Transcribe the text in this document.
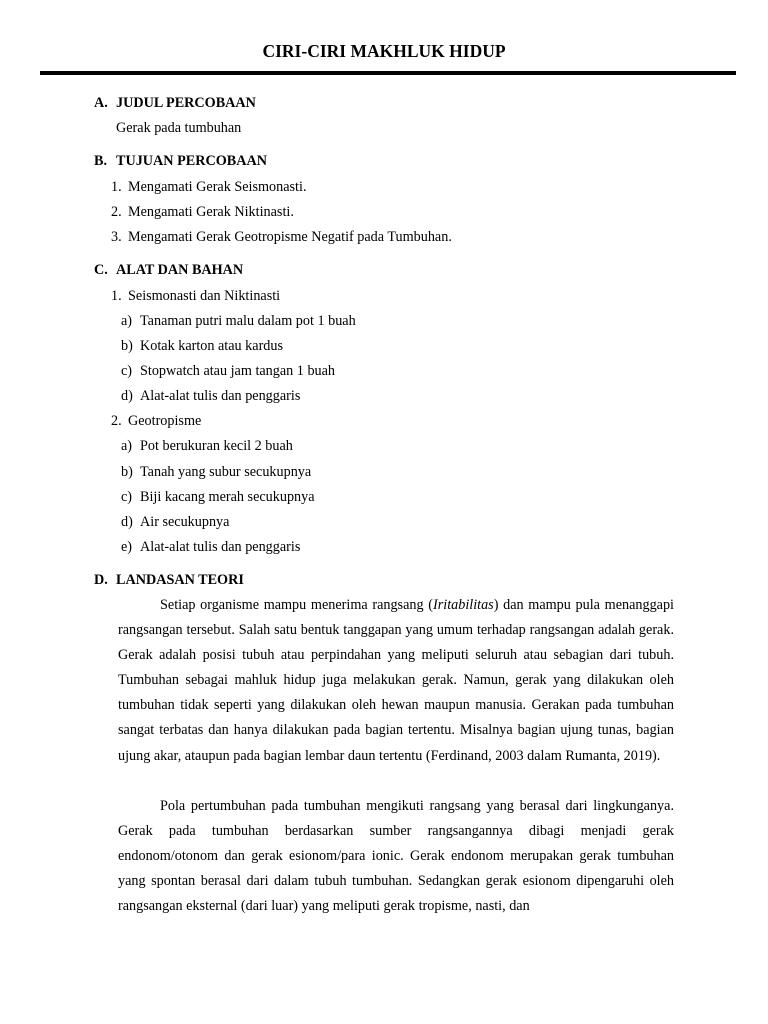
CIRI-CIRI MAKHLUK HIDUP
A. JUDUL PERCOBAAN
Gerak pada tumbuhan
B. TUJUAN PERCOBAAN
1. Mengamati Gerak Seismonasti.
2. Mengamati Gerak Niktinasti.
3. Mengamati Gerak Geotropisme Negatif pada Tumbuhan.
C. ALAT DAN BAHAN
1. Seismonasti dan Niktinasti
a) Tanaman putri malu dalam pot 1 buah
b) Kotak karton atau kardus
c) Stopwatch atau jam tangan 1 buah
d) Alat-alat tulis dan penggaris
2. Geotropisme
a) Pot berukuran kecil 2 buah
b) Tanah yang subur secukupnya
c) Biji kacang merah secukupnya
d) Air secukupnya
e) Alat-alat tulis dan penggaris
D. LANDASAN TEORI

Setiap organisme mampu menerima rangsang (Iritabilitas) dan mampu pula menanggapi rangsangan tersebut. Salah satu bentuk tanggapan yang umum terhadap rangsangan adalah gerak. Gerak adalah posisi tubuh atau perpindahan yang meliputi seluruh atau sebagian dari tubuh. Tumbuhan sebagai mahluk hidup juga melakukan gerak. Namun, gerak yang dilakukan oleh tumbuhan tidak seperti yang dilakukan oleh hewan maupun manusia. Gerakan pada tumbuhan sangat terbatas dan hanya dilakukan pada bagian tertentu. Misalnya bagian ujung tunas, bagian ujung akar, ataupun pada bagian lembar daun tertentu (Ferdinand, 2003 dalam Rumanta, 2019).

Pola pertumbuhan pada tumbuhan mengikuti rangsang yang berasal dari lingkunganya. Gerak pada tumbuhan berdasarkan sumber rangsangannya dibagi menjadi gerak endonom/otonom dan gerak esionom/para ionic. Gerak endonom merupakan gerak tumbuhan yang spontan berasal dari dalam tubuh tumbuhan. Sedangkan gerak esionom dipengaruhi oleh rangsangan eksternal (dari luar) yang meliputi gerak tropisme, nasti, dan
